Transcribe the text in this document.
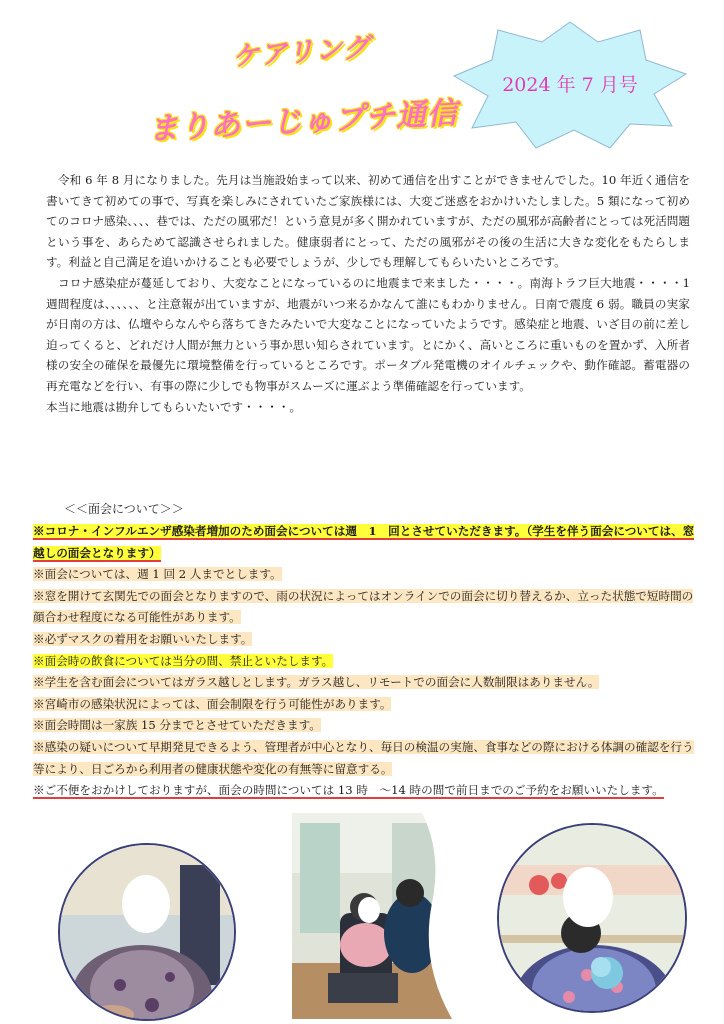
ケアリング
まりあーじゅプチ通信
2024 年 7 月号

令和 6 年 8 月になりました。先月は当施設始まって以来、初めて通信を出すことができませんでした。10 年近く通信を書いてきて初めての事で、写真を楽しみにされていたご家族様には、大変ご迷惑をおかけいたしました。5 類になって初めてのコロナ感染、、、、巷では、ただの風邪だ！という意見が多く開かれていますが、ただの風邪が高齢者にとっては死活問題という事を、あらためて認識させられました。健康弱者にとって、ただの風邪がその後の生活に大きな変化をもたらします。利益と自己満足を追いかけることも必要でしょうが、少しでも理解してもらいたいところです。

コロナ感染症が蔓延しており、大変なことになっているのに地震まで来ました・・・・。南海トラフ巨大地震・・・・1 週間程度は、、、、、、と注意報が出ていますが、地震がいつ来るかなんて誰にもわかりません。日南で震度 6 弱。職員の実家が日南の方は、仏壇やらなんやら落ちてきたみたいで大変なことになっていたようです。感染症と地震、いざ目の前に差し迫ってくると、どれだけ人間が無力という事か思い知らされています。とにかく、高いところに重いものを置かず、入所者様の安全の確保を最優先に環境整備を行っているところです。ポータブル発電機のオイルチェックや、動作確認。蓄電器の再充電などを行い、有事の際に少しでも物事がスムーズに運ぶよう準備確認を行っています。

本当に地震は勘弁してもらいたいです・・・・。

＜＜面会について＞＞

※コロナ・インフルエンザ感染者増加のため面会については週　1　回とさせていただきます。（学生を伴う面会については、窓越しの面会となります）

※面会については、週 1 回 2 人までとします。

※窓を開けて玄関先での面会となりますので、雨の状況によってはオンラインでの面会に切り替えるか、立った状態で短時間の顔合わせ程度になる可能性があります。

※必ずマスクの着用をお願いいたします。

※面会時の飲食については当分の間、禁止といたします。

※学生を含む面会についてはガラス越しとします。ガラス越し、リモートでの面会に人数制限はありません。

※宮崎市の感染状況によっては、面会制限を行う可能性があります。

※面会時間は一家族 15 分までとさせていただきます。

※感染の疑いについて早期発見できるよう、管理者が中心となり、毎日の検温の実施、食事などの際における体調の確認を行う等により、日ごろから利用者の健康状態や変化の有無等に留意する。

※ご不便をおかけしておりますが、面会の時間については 13 時　～14 時の間で前日までのご予約をお願いいたします。
